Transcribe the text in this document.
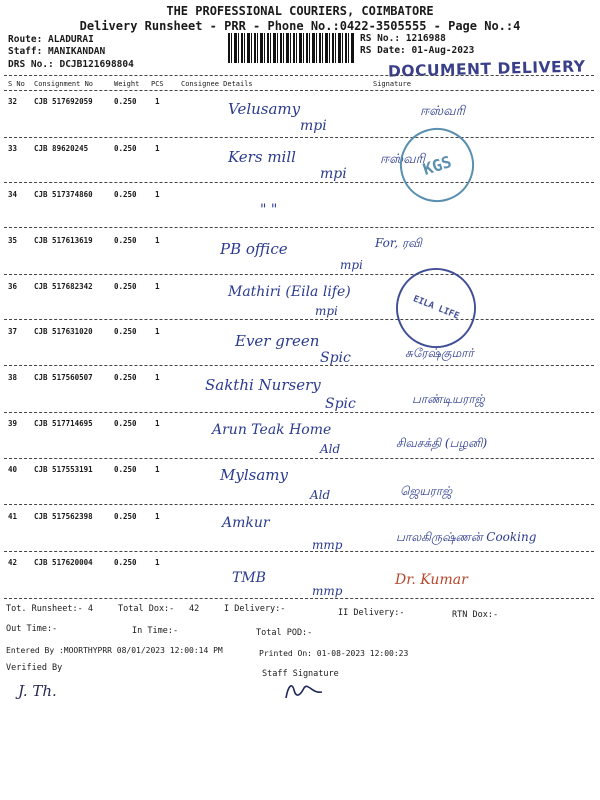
THE PROFESSIONAL COURIERS, COIMBATORE
Delivery Runsheet - PRR - Phone No.:0422-3505555 - Page No.:4
Route: ALADURAI
Staff: MANIKANDAN
DRS No.: DCJB121698804
RS No.: 1216988
RS Date: 01-Aug-2023
DOCUMENT DELIVERY
S No Consignment No	Weight PCS Consignee Details	Signature
32 CJB 517692059	0.250 1	Velusamy
mpi
ஈஸ்வரி
33 CJB 89620245	0.250 1	Kers mill
mpi
ஈஸ்வரி
34 CJB 517374860	0.250 1
" "
35 CJB 517613619	0.250 1	PB office
mpi
For, ரவி
36 CJB 517682342	0.250 1	Mathiri (Eila life)
mpi
37 CJB 517631020	0.250 1
Ever green
Spic	சுரேஷ்குமார்
38 CJB 517560507	0.250 1	Sakthi Nursery
Spic	பாண்டியராஜ்
39 CJB 517714695	0.250 1	Arun Teak Home
Ald	சிவசக்தி (பழனி)
40 CJB 517553191	0.250 1	Mylsamy
Ald	ஜெயராஜ்
41 CJB 517562398	0.250 1	Amkur
mmp
பாலகிருஷ்ணன் Cooking
42 CJB 517620004	0.250 1
TMB
mmp
Dr. Kumar
KGS
EILA LIFE
Tot. Runsheet:- 4	Total Dox:- 42	I Delivery:-	II Delivery:-	RTN Dox:-
Out Time:-	In Time:-	Total POD:-
Entered By :MOORTHYPRR 08/01/2023 12:00:14 PM	Printed On: 01-08-2023 12:00:23
Verified By
Staff Signature
J. Th.
